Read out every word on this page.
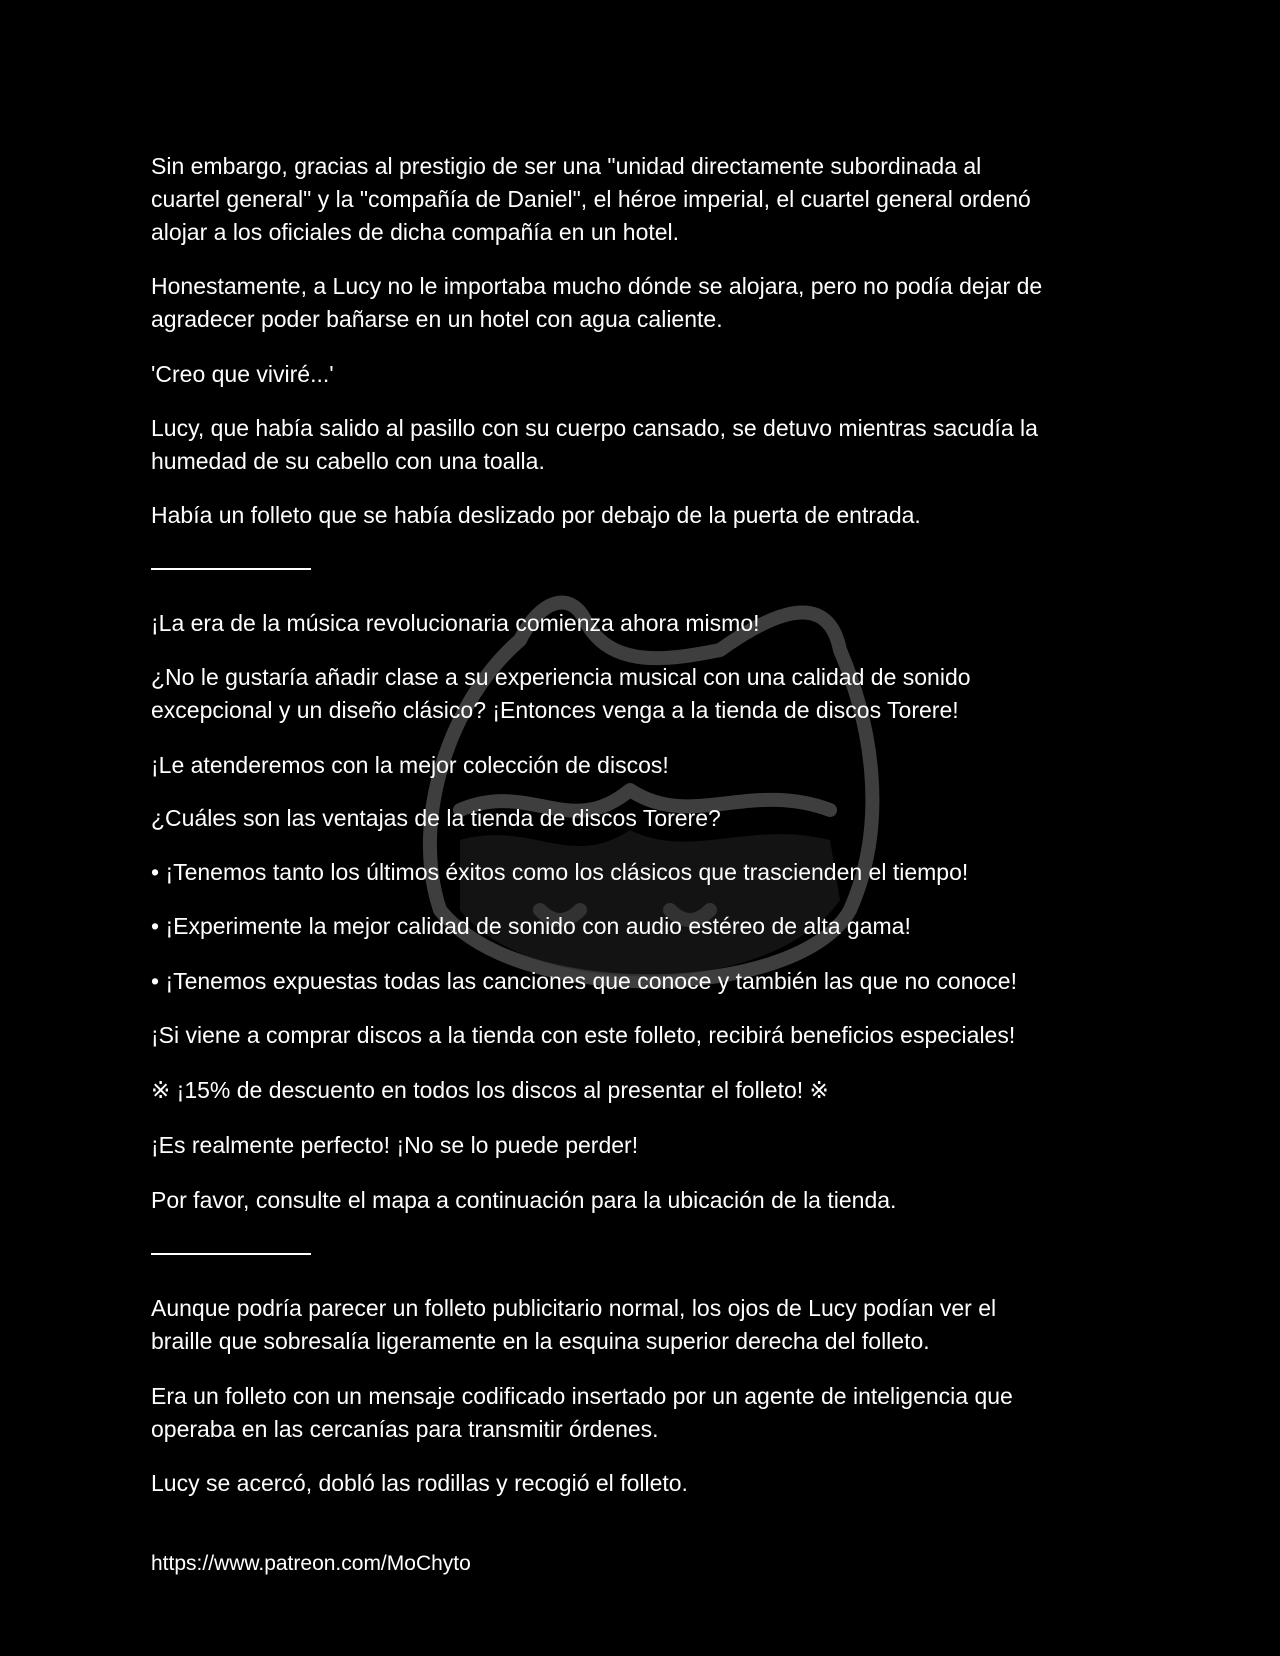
Sin embargo, gracias al prestigio de ser una "unidad directamente subordinada al
cuartel general" y la "compañía de Daniel", el héroe imperial, el cuartel general ordenó
alojar a los oficiales de dicha compañía en un hotel.
Honestamente, a Lucy no le importaba mucho dónde se alojara, pero no podía dejar de
agradecer poder bañarse en un hotel con agua caliente.
'Creo que viviré...'
Lucy, que había salido al pasillo con su cuerpo cansado, se detuvo mientras sacudía la
humedad de su cabello con una toalla.
Había un folleto que se había deslizado por debajo de la puerta de entrada.
¡La era de la música revolucionaria comienza ahora mismo!
¿No le gustaría añadir clase a su experiencia musical con una calidad de sonido
excepcional y un diseño clásico? ¡Entonces venga a la tienda de discos Torere!
¡Le atenderemos con la mejor colección de discos!
¿Cuáles son las ventajas de la tienda de discos Torere?
• ¡Tenemos tanto los últimos éxitos como los clásicos que trascienden el tiempo!
• ¡Experimente la mejor calidad de sonido con audio estéreo de alta gama!
• ¡Tenemos expuestas todas las canciones que conoce y también las que no conoce!
¡Si viene a comprar discos a la tienda con este folleto, recibirá beneficios especiales!
※ ¡15% de descuento en todos los discos al presentar el folleto! ※
¡Es realmente perfecto! ¡No se lo puede perder!
Por favor, consulte el mapa a continuación para la ubicación de la tienda.
Aunque podría parecer un folleto publicitario normal, los ojos de Lucy podían ver el
braille que sobresalía ligeramente en la esquina superior derecha del folleto.
Era un folleto con un mensaje codificado insertado por un agente de inteligencia que
operaba en las cercanías para transmitir órdenes.
Lucy se acercó, dobló las rodillas y recogió el folleto.
https://www.patreon.com/MoChyto
